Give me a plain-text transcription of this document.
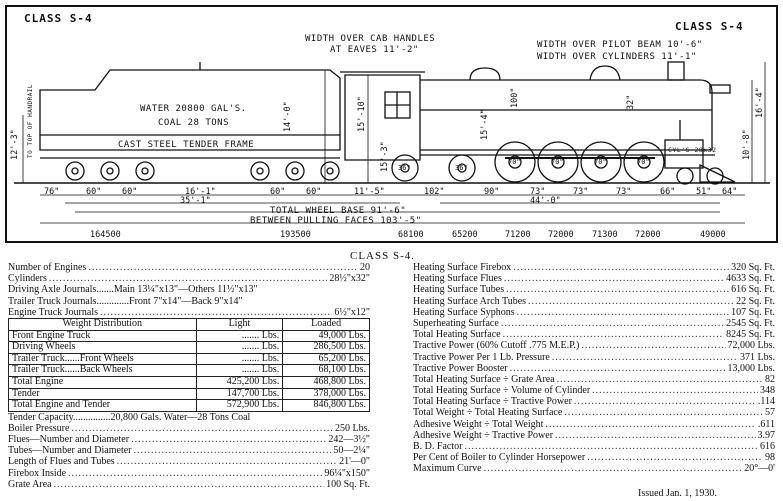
CLASS S-4
CLASS S-4
WIDTH OVER CAB HANDLES
AT EAVES 11'-2"	WIDTH OVER PILOT BEAM 10'-6"
WIDTH OVER CYLINDERS 11'-1"
WATER 20800 GAL'S.
COAL 28 TONS
CAST STEEL TENDER FRAME
TO TOP OF HANDRAIL	CYL'S 28x32
12'-3"
14'-0"	15'-10"
15'-3"
15'-4"
100"	32"	16'-4"
10'-8"
70"	70"	70"	70"
36"	36"
76"	60" 60"	16'-1"	60" 60"	11'-5"	102"	90"	73"	73"	73"	66" 51" 64"
35'-1"	44'-0"
TOTAL WHEEL BASE 91'-6"
BETWEEN PULLING FACES 103'-5"
164500	193500	68100	65200	71200 72000 71300 72000	49000
CLASS S-4.
Number of Engines .....	20
Cylinders .....	28½"x32"
Driving Axle Journals.......Main 13¼"x13"—Others 11½"x13"
Trailer Truck Journals.............Front 7"x14"—Back 9"x14"
Engine Truck Journals .....	6½"x12"
Weight Distribution	Light	Loaded
Front Engine Truck	....... Lbs.	49,000 Lbs.
Driving Wheels	....... Lbs.	286,500 Lbs.
Trailer Truck......Front Wheels	....... Lbs.	65,200 Lbs.
Trailer Truck......Back Wheels	....... Lbs.	68,100 Lbs.
Total Engine	425,200 Lbs.	468,800 Lbs.
Tender	147,700 Lbs.	378,000 Lbs.
Total Engine and Tender	572,900 Lbs.	846,800 Lbs.
Tender Capacity...............20,800 Gals. Water—28 Tons Coal
Boiler Pressure .....	250 Lbs.
Flues—Number and Diameter .....	242—3½"
Tubes—Number and Diameter .....	50—2¼"
Length of Flues and Tubes .....	21'—0"
Firebox Inside .....	96¼"x150"
Grate Area .....	100 Sq. Ft.
Heating Surface Firebox .....	320 Sq. Ft.
Heating Surface Flues .....	4633 Sq. Ft.
Heating Surface Tubes .....	616 Sq. Ft.
Heating Surface Arch Tubes .....	22 Sq. Ft.
Heating Surface Syphons .....	107 Sq. Ft.
Superheating Surface .....	2545 Sq. Ft.
Total Heating Surface .....	8245 Sq. Ft.
Tractive Power (60% Cutoff .775 M.E.P.) .....	72,000 Lbs.
Tractive Power Per 1 Lb. Pressure .....	371 Lbs.
Tractive Power Booster .....	13,000 Lbs.
Total Heating Surface ÷ Grate Area .....	82
Total Heating Surface ÷ Volume of Cylinder .....	348
Total Heating Surface ÷ Tractive Power .....	.114
Total Weight ÷ Total Heating Surface .....	57
Adhesive Weight ÷ Total Weight .....	.611
Adhesive Weight ÷ Tractive Power .....	3.97
B. D. Factor .....	616
Per Cent of Boiler to Cylinder Horsepower .....	98
Maximum Curve .....	20°—0'
Issued Jan. 1, 1930.
